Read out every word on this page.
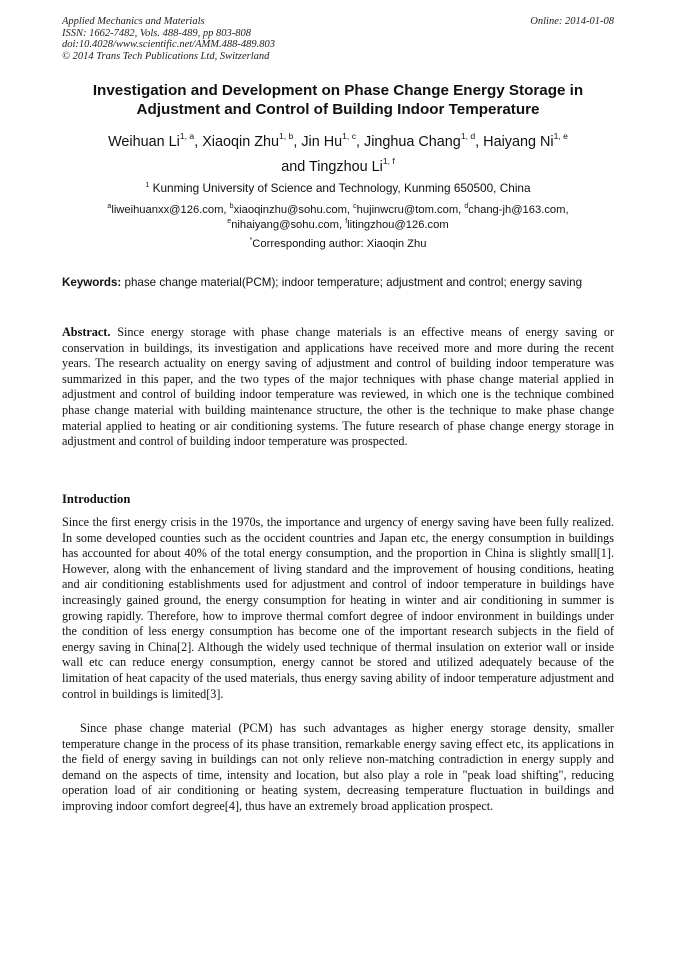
Applied Mechanics and Materials
ISSN: 1662-7482, Vols. 488-489, pp 803-808
doi:10.4028/www.scientific.net/AMM.488-489.803
© 2014 Trans Tech Publications Ltd, Switzerland
Online: 2014-01-08
Investigation and Development on Phase Change Energy Storage in Adjustment and Control of Building Indoor Temperature
Weihuan Li$^{1, a}$, Xiaoqin Zhu$^{1, b}$, Jin Hu$^{1, c}$, Jinghua Chang$^{1, d}$, Haiyang Ni$^{1, e}$
and Tingzhou Li$^{1, f}$
$^1$ Kunming University of Science and Technology, Kunming 650500, China
$^a$liweihuanxx@126.com, $^b$xiaoqinzhu@sohu.com, $^c$hujinwcru@tom.com, $^d$chang-jh@163.com,
$^e$nihaiyang@sohu.com, $^f$litingzhou@126.com
*Corresponding author: Xiaoqin Zhu
Keywords: phase change material(PCM); indoor temperature; adjustment and control; energy saving
Abstract. Since energy storage with phase change materials is an effective means of energy saving or conservation in buildings, its investigation and applications have received more and more during the recent years. The research actuality on energy saving of adjustment and control of building indoor temperature was summarized in this paper, and the two types of the major techniques with phase change material applied in adjustment and control of building indoor temperature was reviewed, in which one is the technique combined phase change material with building maintenance structure, the other is the technique to make phase change material applied to heating or air conditioning systems. The future research of phase change energy storage in adjustment and control of building indoor temperature was prospected.
Introduction

Since the first energy crisis in the 1970s, the importance and urgency of energy saving have been fully realized. In some developed counties such as the occident countries and Japan etc, the energy consumption in buildings has accounted for about 40% of the total energy consumption, and the proportion in China is slightly small[1]. However, along with the enhancement of living standard and the improvement of housing conditions, heating and air conditioning establishments used for adjustment and control of indoor temperature in buildings have increasingly gained ground, the energy consumption for heating in winter and air conditioning in summer is growing rapidly. Therefore, how to improve thermal comfort degree of indoor environment in buildings under the condition of less energy consumption has become one of the important research subjects in the field of energy saving in China[2]. Although the widely used technique of thermal insulation on exterior wall or inside wall etc can reduce energy consumption, energy cannot be stored and utilized adequately because of the limitation of heat capacity of the used materials, thus energy saving ability of indoor temperature adjustment and control in buildings is limited[3].

Since phase change material (PCM) has such advantages as higher energy storage density, smaller temperature change in the process of its phase transition, remarkable energy saving effect etc, its applications in the field of energy saving in buildings can not only relieve non-matching contradiction in energy supply and demand on the aspects of time, intensity and location, but also play a role in "peak load shifting", reducing operation load of air conditioning or heating system, decreasing temperature fluctuation in buildings and improving indoor comfort degree[4], thus have an extremely broad application prospect.
